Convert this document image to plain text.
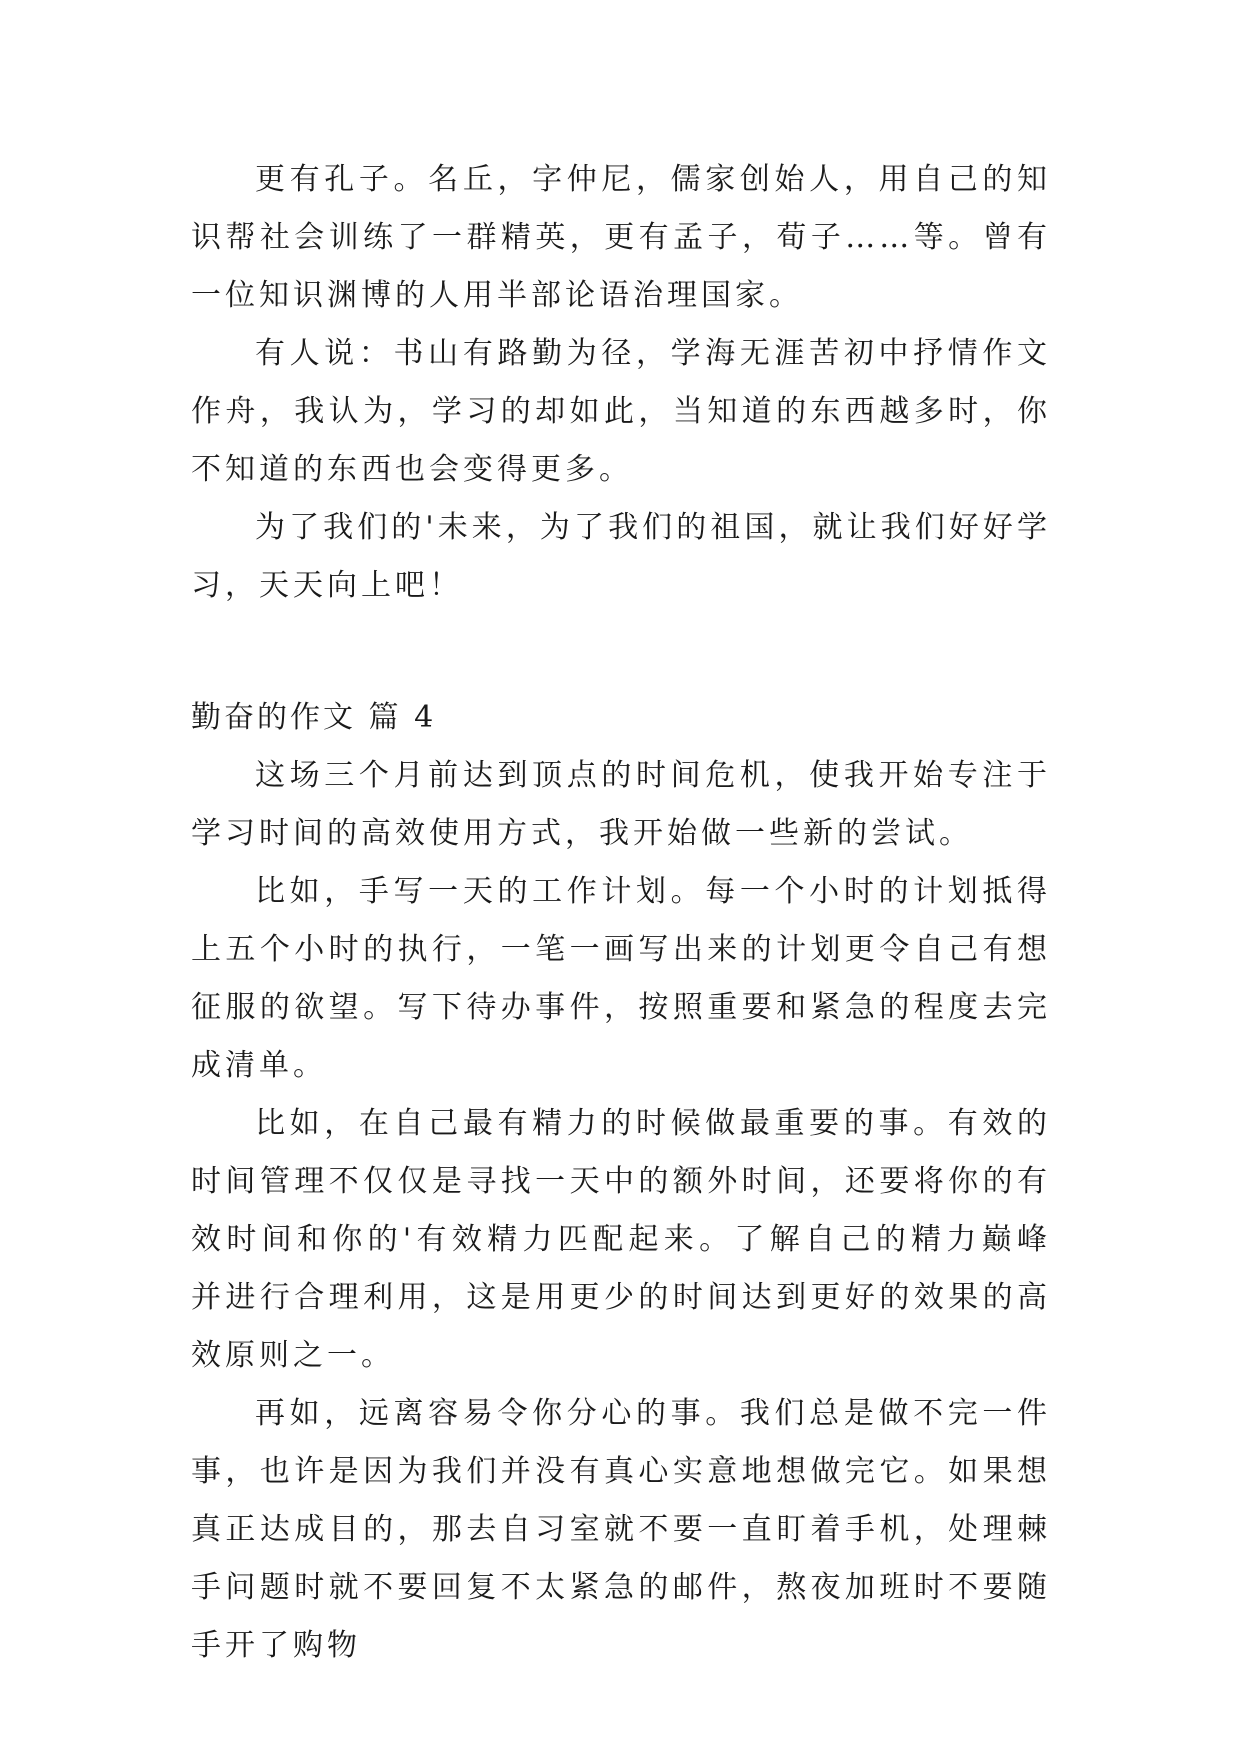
更有孔子。名丘，字仲尼，儒家创始人，用自己的知识帮社会训练了一群精英，更有孟子，荀子……等。曾有一位知识渊博的人用半部论语治理国家。

有人说：书山有路勤为径，学海无涯苦初中抒情作文作舟，我认为，学习的却如此，当知道的东西越多时，你不知道的东西也会变得更多。

为了我们的'未来，为了我们的祖国，就让我们好好学习，天天向上吧！

勤奋的作文 篇 4

这场三个月前达到顶点的时间危机，使我开始专注于学习时间的高效使用方式，我开始做一些新的尝试。

比如，手写一天的工作计划。每一个小时的计划抵得上五个小时的执行，一笔一画写出来的计划更令自己有想征服的欲望。写下待办事件，按照重要和紧急的程度去完成清单。

比如，在自己最有精力的时候做最重要的事。有效的时间管理不仅仅是寻找一天中的额外时间，还要将你的有效时间和你的'有效精力匹配起来。了解自己的精力巅峰并进行合理利用，这是用更少的时间达到更好的效果的高效原则之一。

再如，远离容易令你分心的事。我们总是做不完一件事，也许是因为我们并没有真心实意地想做完它。如果想真正达成目的，那去自习室就不要一直盯着手机，处理棘手问题时就不要回复不太紧急的邮件，熬夜加班时不要随手开了购物
